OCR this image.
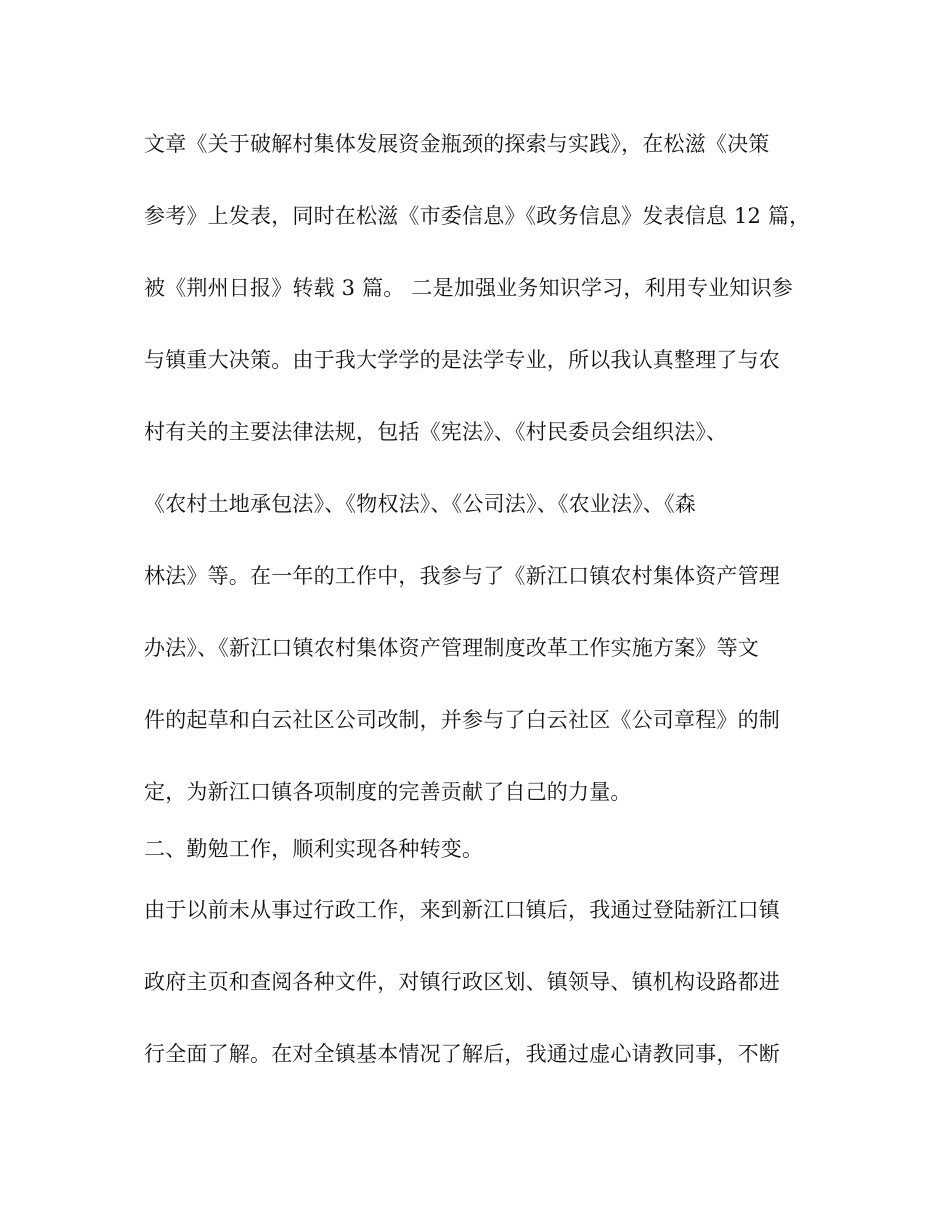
文章《关于破解村集体发展资金瓶颈的探索与实践》，在松滋《决策
参考》上发表，同时在松滋《市委信息》《政务信息》发表信息 12 篇，
被《荆州日报》转载 3 篇。 二是加强业务知识学习，利用专业知识参
与镇重大决策。由于我大学学的是法学专业，所以我认真整理了与农
村有关的主要法律法规，包括《宪法》、《村民委员会组织法》、
《农村土地承包法》、《物权法》、《公司法》、《农业法》、《森
林法》等。在一年的工作中，我参与了《新江口镇农村集体资产管理
办法》、《新江口镇农村集体资产管理制度改革工作实施方案》等文
件的起草和白云社区公司改制，并参与了白云社区《公司章程》的制
定，为新江口镇各项制度的完善贡献了自己的力量。
二、勤勉工作，顺利实现各种转变。
由于以前未从事过行政工作，来到新江口镇后，我通过登陆新江口镇
政府主页和查阅各种文件，对镇行政区划、镇领导、镇机构设路都进
行全面了解。在对全镇基本情况了解后，我通过虚心请教同事，不断
